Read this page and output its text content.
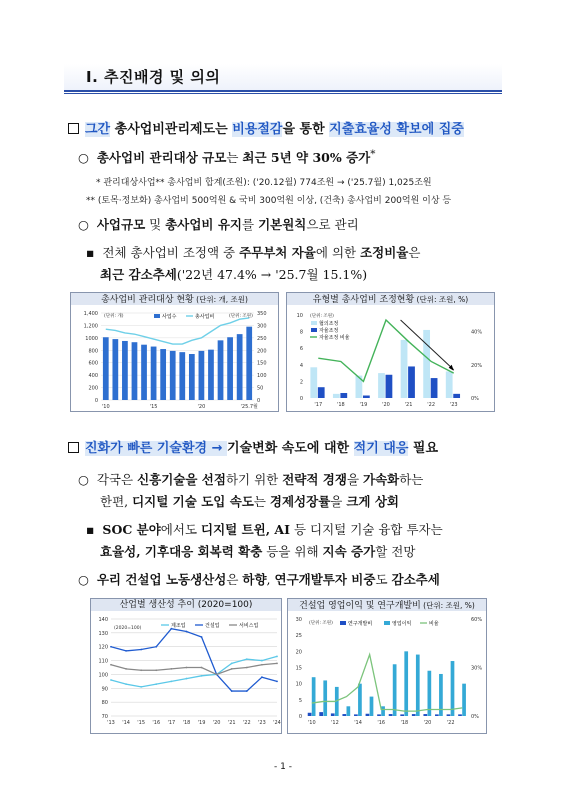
Ⅰ. 추진배경 및 의의
그간 총사업비관리제도는 비용절감을 통한 지출효율성 확보에 집중
○  총사업비 관리대상 규모는 최근 5년 약 30% 증가*
* 관리대상사업** 총사업비 합계(조원): ('20.12월) 774조원 → ('25.7월) 1,025조원
** (토목·정보화) 총사업비 500억원 & 국비 300억원 이상, (건축) 총사업비 200억원 이상 등
○  사업규모 및 총사업비 유지를 기본원칙으로 관리
▪  전체 총사업비 조정액 중 주무부처 자율에 의한 조정비율은
최근 감소추세('22년 47.4% → '25.7월 15.1%)
총사업비 관리대상 현황 (단위: 개, 조원)	유형별 총사업비 조정현황 (단위: 조원, %)
0
200
400
600
800
1000
1,200
1,400
0
50
100
150
200
250
300
350
'10	'15	'20	'25.7월
(단위: 개)	(단위: 조원)
사업수	총사업비
0
2
4
6
8
10
0%
20%
40%
'17	'18	'19	'20	'21	'22	'23
(단위: 조원)
협의조정
자율조정
자율조정 비율
진화가 빠른 기술환경 → 기술변화 속도에 대한 적기 대응 필요
○  각국은 신흥기술을 선점하기 위한 전략적 경쟁을 가속화하는
한편, 디지털 기술 도입 속도는 경제성장률을 크게 상회
▪  SOC 분야에서도 디지털 트윈, AI 등 디지털 기술 융합 투자는
효율성, 기후대응 회복력 확충 등을 위해 지속 증가할 전망
○  우리 건설업 노동생산성은 하향, 연구개발투자 비중도 감소추세
산업별 생산성 추이 (2020=100)	건설업 영업이익 및 연구개발비 (단위: 조원, %)
70
80
90
100
110
120
130
140
'13 '14 '15 '16 '17 '18 '19 '20 '21 '22 '23 '24
(2020=100)	제조업	건설업	서비스업
0
5
10
15
20
25
30
0%
30%
60%
'10	'12	'14	'16	'18	'20	'22
(단위: 조원)	연구개발비	영업이익	비율
- 1 -
